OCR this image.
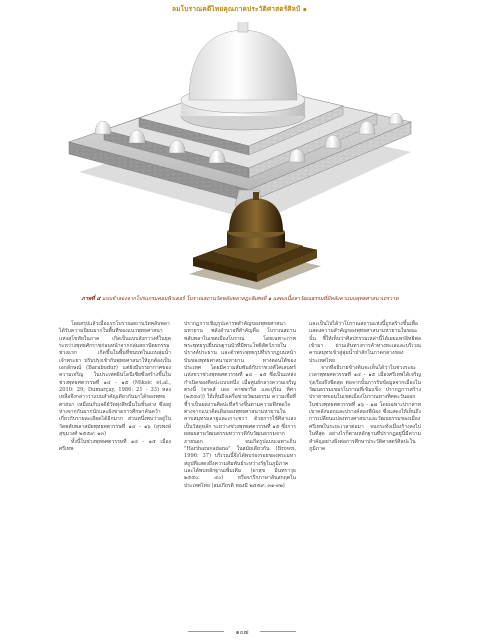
ลมโบราณคดีไทยคุณภาคประวัติศาสตร์ศิลป์ ๑
ภาพที่ ๔ แบบจำลองจากโปรแกรมคอมพิวเตอร์ โบราณสถานวัดพลับพลาสฎะพิเศษที่ ๑ แสดงเนื้อหาวัฒนธรรมที่มีหลังคาแบบพุทธศาสนาเถรวาท

โดยสรุปแล้วเมื่อแรกโบราณสถานวัดพลับพลาได้รับความนิยมมากในพื้นที่ของแนวพุทธศาสนาแห่งสุโขทัยในภาค เกิดเป็นแบบลังกาวงศ์ในยุค ระหว่างพุทธศักราชก่อนหน้าจากกลุ่มสถาปัตยกรรมช่วงแรก เกิดขึ้นในพื้นที่ชนบทในแถบลุ่มน้ำเจ้าพระยา ปรับปรุงเข้ากับพุทธศาสนาให้ถูกต้องเป็นเอกลักษณ์ (Barabudur) แต่ยังมีบรรยากาศของความเจริญ ในประเทศอินโดนีเซียซึ่งสร้างขึ้นในช่วงพุทธศตวรรษที่ ๑๔ - ๑๕ (Miksic et.al., 2010: 29; Dumarçay, 1986: 21 - 33) หลงเหลือจึงกล่าวว่าแบบสำคัญเดียวกันมาได้ของพุทธศาสนา เหมือนกับเจดีย์วัดทุ่งสีหมื่นในชั้นล่าง ซึ่งอยู่ห่างจากกันมากนักและยังขาดการศึกษาค้นคว้าเกี่ยวกับรายละเอียดได้อีกมาก ส่วนหนึ่งพบว่าอยู่ในวัดพลับพลาสมัยพุทธศตวรรษที่ ๑๔ - ๑๖ (สุรพงษ์ สุขุมวงศ์ ๒๕๕๙: ๑๓)

ทั้งนี้ในช่วงพุทธศตวรรษที่ ๑๔ - ๑๕ เมืองศรีเทพ

ปรากฏการเชิญรูปเคารพสำคัญของพุทธศาสนามหายาน พลังอำนาจที่สำคัญคือ โบราณสถานพลับพลาในเขตเมืองโบราณ โดยเฉพาะภาพพระพุทธรูปยืนบนฐานบัวที่มีพระโพธิสัตว์ภายในปรางค์ประธาน และตัวพระพุทธรูปที่ปรากฏบนหน้าบันของพุทธศาสนามหายาน ทางตอนใต้ของประเทศ โดยมีความสัมพันธ์กับราชวงศ์ไศเลนทร์แห่งชวาช่วงพุทธศตวรรษที่ ๑๔ - ๑๕ ซึ่งเป็นแหล่งกำเนิดของศิลปะแบบหนึ่ง เมื่อศูนย์กลางความเจริญตรงนี้ (จาคส์ เดอ คาซพาริส และปูร์ณ ทิศา (๒๕๕๔)) ให้เห็นถึงเครือข่ายวัฒนธรรม ความเชื่อที่ชี้ว่าเป็นผลงานศิลปะที่สร้างขึ้นตามความพึงพอใจ ต่างจากแนวคิดเดิมของพุทธศาสนามหายานในคาบสมุทรมลายูและเกาะชวา ด้วยการใช้ศิลาแลงเป็นวัสดุหลัก ระหว่างช่วงพุทธศตวรรษที่ ๑๕ ซึ่งการผสมผสานวัฒนธรรมทวารวดีกับวัฒนธรรมจากภายนอก จนเกิดรูปแบบเฉพาะถิ่น "Hariharavadana" ในสมัยเดียวกัน (Brown, 1996: 37) บริเวณนี้จึงได้พบร่องรอยของพระมหาสถูปที่แสดงถึงความสัมพันธ์ระหว่างรัฐในภูมิภาค และได้พบหลักฐานเพิ่มเติม (ผาสุข อินทราวุธ ๒๕๕๐: ๔๐) หรือจารึกภาษาสันสกฤตในประเทศไทย (สมเกียรติ ทองมี ๒๕๕๙: ๓๑-๓๒)

และเป็นไปได้ว่าโบราณสถานแห่งนี้ถูกสร้างขึ้นเพื่อแสดงความสำคัญของพุทธศาสนามหายานในขณะนั้น ชี้ให้เห็นว่าศิลปกรรมเหล่านี้ได้เผยแพร่อิทธิพลเข้ามา ผ่านเส้นทางการค้าทางทะเลและบริเวณคาบสมุทรเข้าสู่ลุ่มน้ำป่าสักในภาคกลางของประเทศไทย

จากที่อธิบายข้างต้นจะเห็นได้ว่าในช่วงระยะเวลาพุทธศตวรรษที่ ๑๔ - ๑๕ เมืองศรีเทพได้เจริญรุ่งเรืองถึงขีดสุด ต่อจากนั้นการรับข้อมูลจากเมืองในวัฒนธรรมเขมรโบราณที่เข้มแข็ง ปรากฏการสร้างปราสาทขอมในเขตเมืองโบราณทางทิศตะวันออกในช่วงพุทธศตวรรษที่ ๑๖ - ๑๗ โดยเฉพาะปราสาทเขาคลังนอกและปรางค์สองพี่น้อง ซึ่งแสดงให้เห็นถึงการเปลี่ยนแปลงทางศาสนาและวัฒนธรรมของเมืองศรีเทพในระยะเวลาต่อมา จนกระทั่งเมืองร้างลงไปในที่สุด อย่างไรก็ตามหลักฐานที่ปรากฏอยู่นี้มีความสำคัญอย่างยิ่งต่อการศึกษาประวัติศาสตร์ศิลปะในภูมิภาค

๑๐๗
